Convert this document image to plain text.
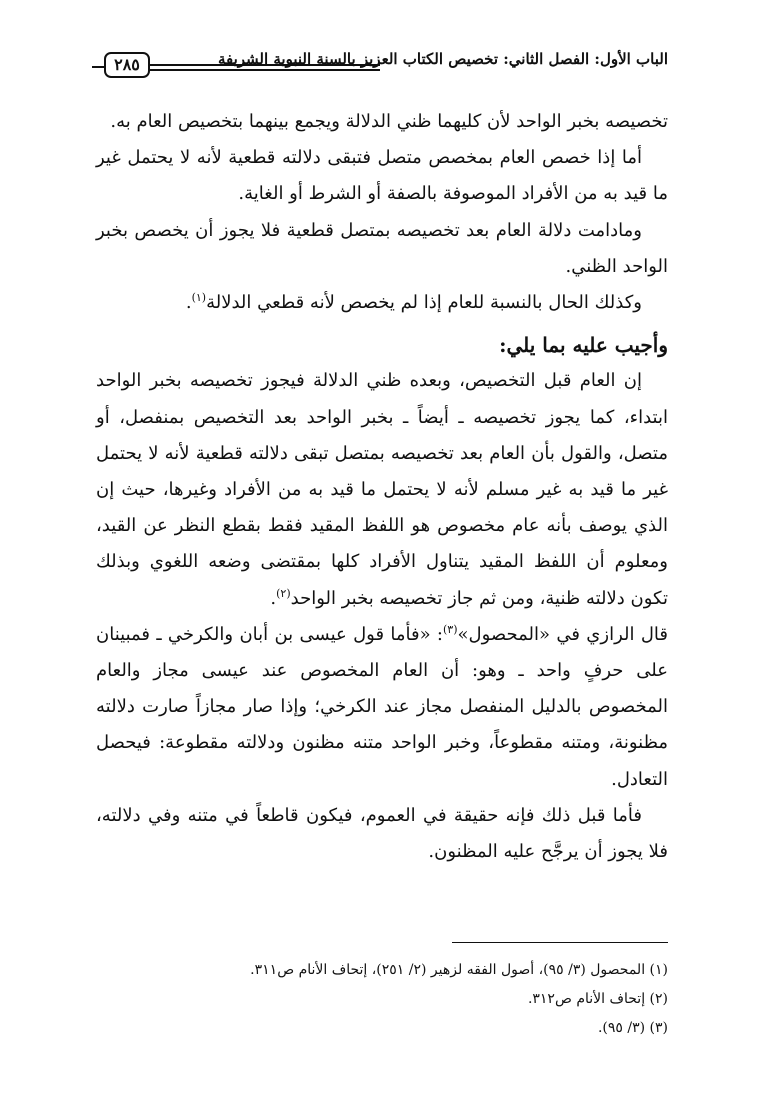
الباب الأول: الفصل الثاني: تخصيص الكتاب العزيز بالسنة النبوية الشريفة
٢٨٥

تخصيصه بخبر الواحد لأن كليهما ظني الدلالة ويجمع بينهما بتخصيص العام به.

أما إذا خصص العام بمخصص متصل فتبقى دلالته قطعية لأنه لا يحتمل غير ما قيد به من الأفراد الموصوفة بالصفة أو الشرط أو الغاية.

ومادامت دلالة العام بعد تخصيصه بمتصل قطعية فلا يجوز أن يخصص بخبر الواحد الظني.

وكذلك الحال بالنسبة للعام إذا لم يخصص لأنه قطعي الدلالة$^{(١)}$.

وأجيب عليه بما يلي:

إن العام قبل التخصيص، وبعده ظني الدلالة فيجوز تخصيصه بخبر الواحد ابتداء، كما يجوز تخصيصه ـ أيضاً ـ بخبر الواحد بعد التخصيص بمنفصل، أو متصل، والقول بأن العام بعد تخصيصه بمتصل تبقى دلالته قطعية لأنه لا يحتمل غير ما قيد به غير مسلم لأنه لا يحتمل ما قيد به من الأفراد وغيرها، حيث إن الذي يوصف بأنه عام مخصوص هو اللفظ المقيد فقط بقطع النظر عن القيد، ومعلوم أن اللفظ المقيد يتناول الأفراد كلها بمقتضى وضعه اللغوي وبذلك تكون دلالته ظنية، ومن ثم جاز تخصيصه بخبر الواحد$^{(٢)}$.

قال الرازي في «المحصول»$^{(٣)}$: «فأما قول عيسى بن أبان والكرخي ـ فمبينان على حرفٍ واحد ـ وهو: أن العام المخصوص عند عيسى مجاز والعام المخصوص بالدليل المنفصل مجاز عند الكرخي؛ وإذا صار مجازاً صارت دلالته مظنونة، ومتنه مقطوعاً، وخبر الواحد متنه مظنون ودلالته مقطوعة: فيحصل التعادل.

فأما قبل ذلك فإنه حقيقة في العموم، فيكون قاطعاً في متنه وفي دلالته، فلا يجوز أن يرجَّح عليه المظنون.

(١) المحصول (٣/ ٩٥)، أصول الفقه لزهير (٢/ ٢٥١)، إتحاف الأنام ص٣١١.

(٢) إتحاف الأنام ص٣١٢.

(٣) (٣/ ٩٥).
